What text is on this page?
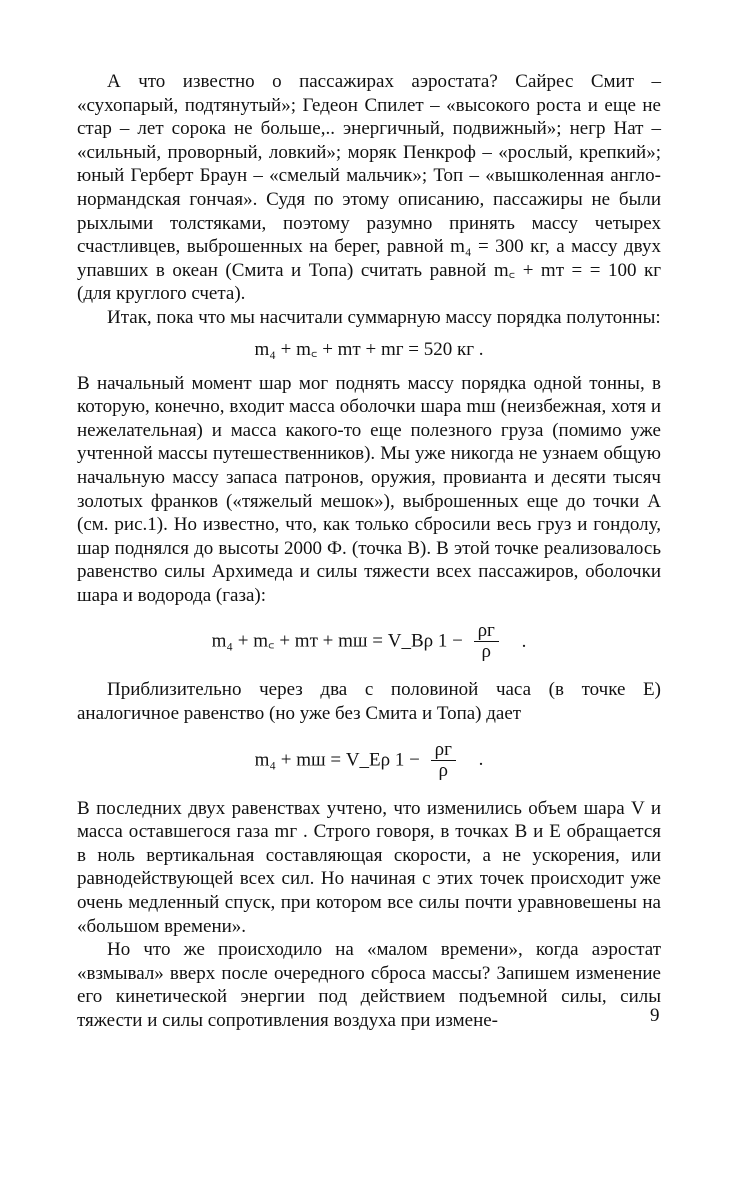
А что известно о пассажирах аэростата? Сайрес Смит – «сухопарый, подтянутый»; Гедеон Спилет – «высокого роста и еще не стар – лет сорока не больше,.. энергичный, подвижный»; негр Нат – «сильный, проворный, ловкий»; моряк Пенкроф – «рослый, крепкий»; юный Герберт Браун – «смелый мальчик»; Топ – «вышколенная англо-нормандская гончая». Судя по этому описанию, пассажиры не были рыхлыми толстяками, поэтому разумно принять массу четырех счастливцев, выброшенных на берег, равной m₄ = 300 кг, а массу двух упавших в океан (Смита и Топа) считать равной m꜀ + mᴛ = = 100 кг (для круглого счета).

Итак, пока что мы насчитали суммарную массу порядка полутонны:

m₄ + m꜀ + mᴛ + mг = 520 кг .

В начальный момент шар мог поднять массу порядка одной тонны, в которую, конечно, входит масса оболочки шара mш (неизбежная, хотя и нежелательная) и масса какого-то еще полезного груза (помимо уже учтенной массы путешественников). Мы уже никогда не узнаем общую начальную массу запаса патронов, оружия, провианта и десяти тысяч золотых франков («тяжелый мешок»), выброшенных еще до точки A (см. рис.1). Но известно, что, как только сбросили весь груз и гондолу, шар поднялся до высоты 2000 Ф. (точка B). В этой точке реализовалось равенство силы Архимеда и силы тяжести всех пассажиров, оболочки шара и водорода (газа):

m₄ + m꜀ + mᴛ + mш = V_Bρ $1 - \frac{\rho г}{\rho}$ .

Приблизительно через два с половиной часа (в точке E) аналогичное равенство (но уже без Смита и Топа) дает

m₄ + mш = V_Eρ $1 - \frac{\rho г}{\rho}$ .

В последних двух равенствах учтено, что изменились объем шара V и масса оставшегося газа mг . Строго говоря, в точках B и E обращается в ноль вертикальная составляющая скорости, а не ускорения, или равнодействующей всех сил. Но начиная с этих точек происходит уже очень медленный спуск, при котором все силы почти уравновешены на «большом времени».

Но что же происходило на «малом времени», когда аэростат «взмывал» вверх после очередного сброса массы? Запишем изменение его кинетической энергии под действием подъемной силы, силы тяжести и силы сопротивления воздуха при измене-	9
